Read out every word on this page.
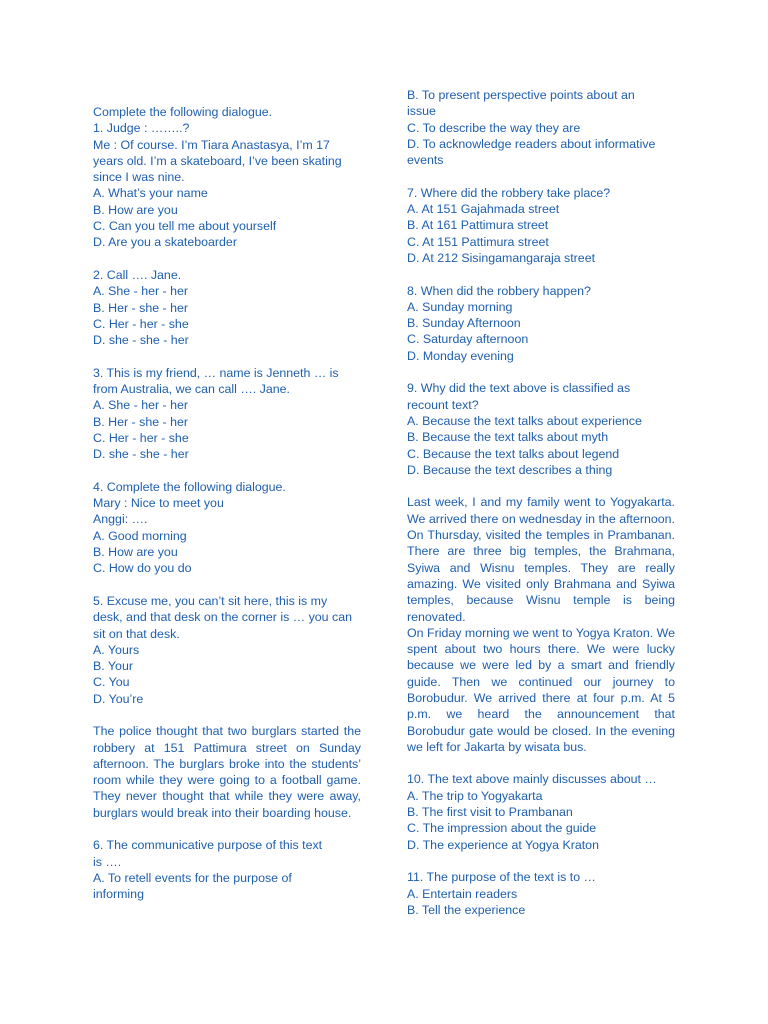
Complete the following dialogue.
1. Judge : ……..?
Me : Of course. I’m Tiara Anastasya, I’m 17
years old. I’m a skateboard, I’ve been skating
since I was nine.
A. What’s your name
B. How are you
C. Can you tell me about yourself
D. Are you a skateboarder
2. Call …. Jane.
A. She - her - her
B. Her - she - her
C. Her - her - she
D. she - she - her
3. This is my friend, … name is Jenneth … is
from Australia, we can call …. Jane.
A. She - her - her
B. Her - she - her
C. Her - her - she
D. she - she - her
4. Complete the following dialogue.
Mary : Nice to meet you
Anggi: ….
A. Good morning
B. How are you
C. How do you do
5. Excuse me, you can’t sit here, this is my
desk, and that desk on the corner is … you can
sit on that desk.
A. Yours
B. Your
C. You
D. You’re
The police thought that two burglars started the robbery at 151 Pattimura street on Sunday afternoon. The burglars broke into the students’ room while they were going to a football game. They never thought that while they were away, burglars would break into their boarding house.
6. The communicative purpose of this text
is ….
A. To retell events for the purpose of
informing
B. To present perspective points about an
issue
C. To describe the way they are
D. To acknowledge readers about informative
events
7. Where did the robbery take place?
A. At 151 Gajahmada street
B. At 161 Pattimura street
C. At 151 Pattimura street
D. At 212 Sisingamangaraja street
8. When did the robbery happen?
A. Sunday morning
B. Sunday Afternoon
C. Saturday afternoon
D. Monday evening
9. Why did the text above is classified as
recount text?
A. Because the text talks about experience
B. Because the text talks about myth
C. Because the text talks about legend
D. Because the text describes a thing
Last week, I and my family went to Yogyakarta. We arrived there on wednesday in the afternoon. On Thursday, visited the temples in Prambanan. There are three big temples, the Brahmana, Syiwa and Wisnu temples. They are really amazing. We visited only Brahmana and Syiwa temples, because Wisnu temple is being renovated.
On Friday morning we went to Yogya Kraton. We spent about two hours there. We were lucky because we were led by a smart and friendly guide. Then we continued our journey to Borobudur. We arrived there at four p.m. At 5 p.m. we heard the announcement that Borobudur gate would be closed. In the evening we left for Jakarta by wisata bus.
10. The text above mainly discusses about …
A. The trip to Yogyakarta
B. The first visit to Prambanan
C. The impression about the guide
D. The experience at Yogya Kraton
11. The purpose of the text is to …
A. Entertain readers
B. Tell the experience
